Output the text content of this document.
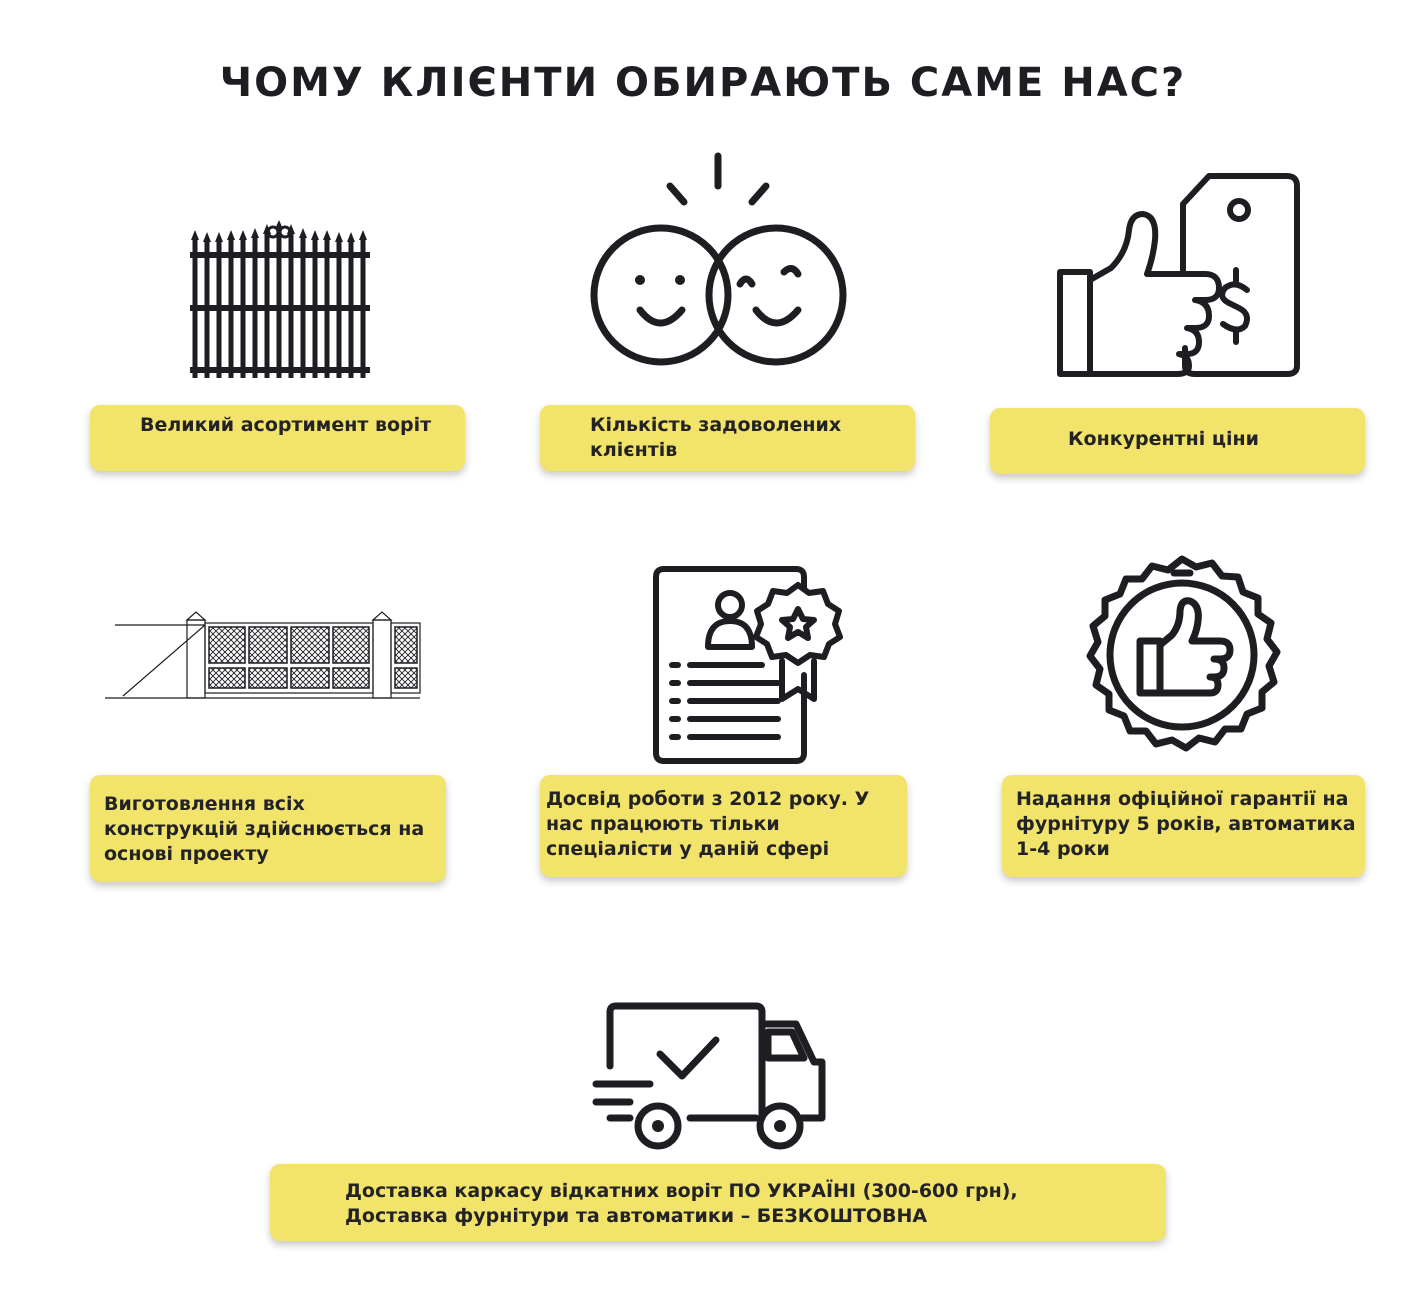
ЧОМУ КЛІЄНТИ ОБИРАЮТЬ САМЕ НАС?
Великий асортимент воріт	Кількість задоволених клієнтів	Конкурентні ціни
Виготовлення всіх конструкцій здійснюється на основі проекту
Досвід роботи з 2012 року. У нас працюють тільки спеціалісти у даній сфері
Надання офіційної гарантії на фурнітуру 5 років, автоматика 1-4 роки
Доставка каркасу відкатних воріт ПО УКРАЇНІ (300-600 грн),
Доставка фурнітури та автоматики – БЕЗКОШТОВНА
